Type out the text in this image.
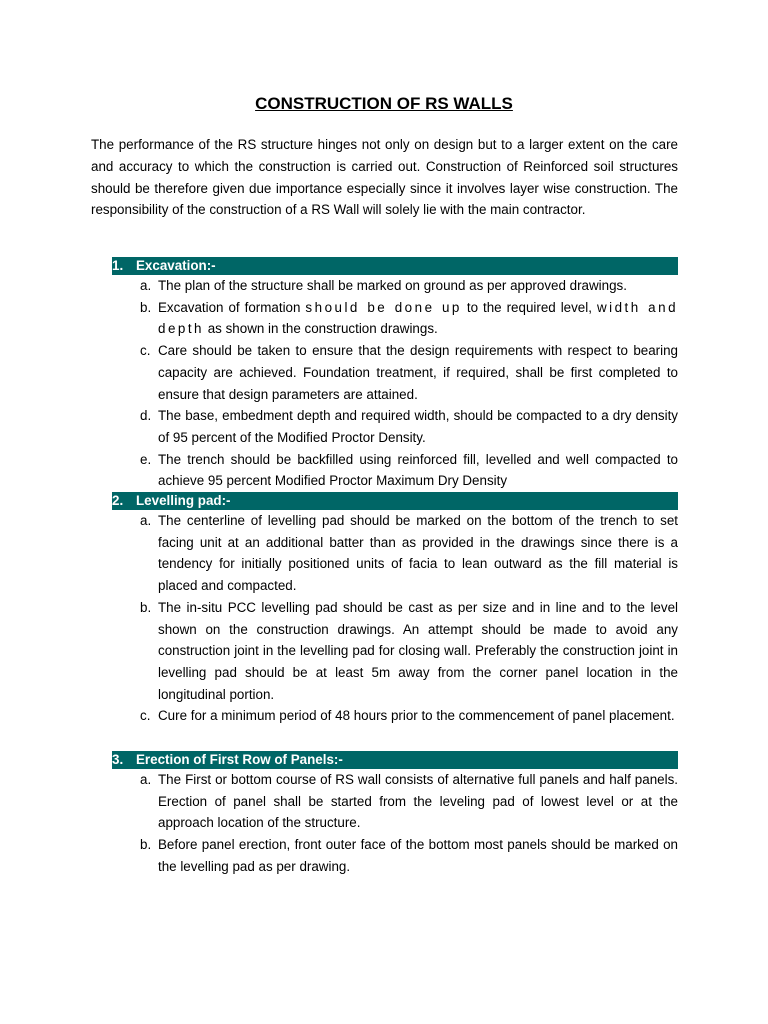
CONSTRUCTION OF RS WALLS

The performance of the RS structure hinges not only on design but to a larger extent on the care and accuracy to which the construction is carried out. Construction of Reinforced soil structures should be therefore given due importance especially since it involves layer wise construction. The responsibility of the construction of a RS Wall will solely lie with the main contractor.

1. Excavation:-
a. The plan of the structure shall be marked on ground as per approved drawings.
b. Excavation of formation should be done up to the required level, width and depth as shown in the construction drawings.
c. Care should be taken to ensure that the design requirements with respect to bearing capacity are achieved. Foundation treatment, if required, shall be first completed to ensure that design parameters are attained.
d. The base, embedment depth and required width, should be compacted to a dry density of 95 percent of the Modified Proctor Density.
e. The trench should be backfilled using reinforced fill, levelled and well compacted to achieve 95 percent Modified Proctor Maximum Dry Density
2. Levelling pad:-
a. The centerline of levelling pad should be marked on the bottom of the trench to set facing unit at an additional batter than as provided in the drawings since there is a tendency for initially positioned units of facia to lean outward as the fill material is placed and compacted.
b. The in-situ PCC levelling pad should be cast as per size and in line and to the level shown on the construction drawings. An attempt should be made to avoid any construction joint in the levelling pad for closing wall. Preferably the construction joint in levelling pad should be at least 5m away from the corner panel location in the longitudinal portion.
c. Cure for a minimum period of 48 hours prior to the commencement of panel placement.
3. Erection of First Row of Panels:-
a. The First or bottom course of RS wall consists of alternative full panels and half panels. Erection of panel shall be started from the leveling pad of lowest level or at the approach location of the structure.
b. Before panel erection, front outer face of the bottom most panels should be marked on the levelling pad as per drawing.
